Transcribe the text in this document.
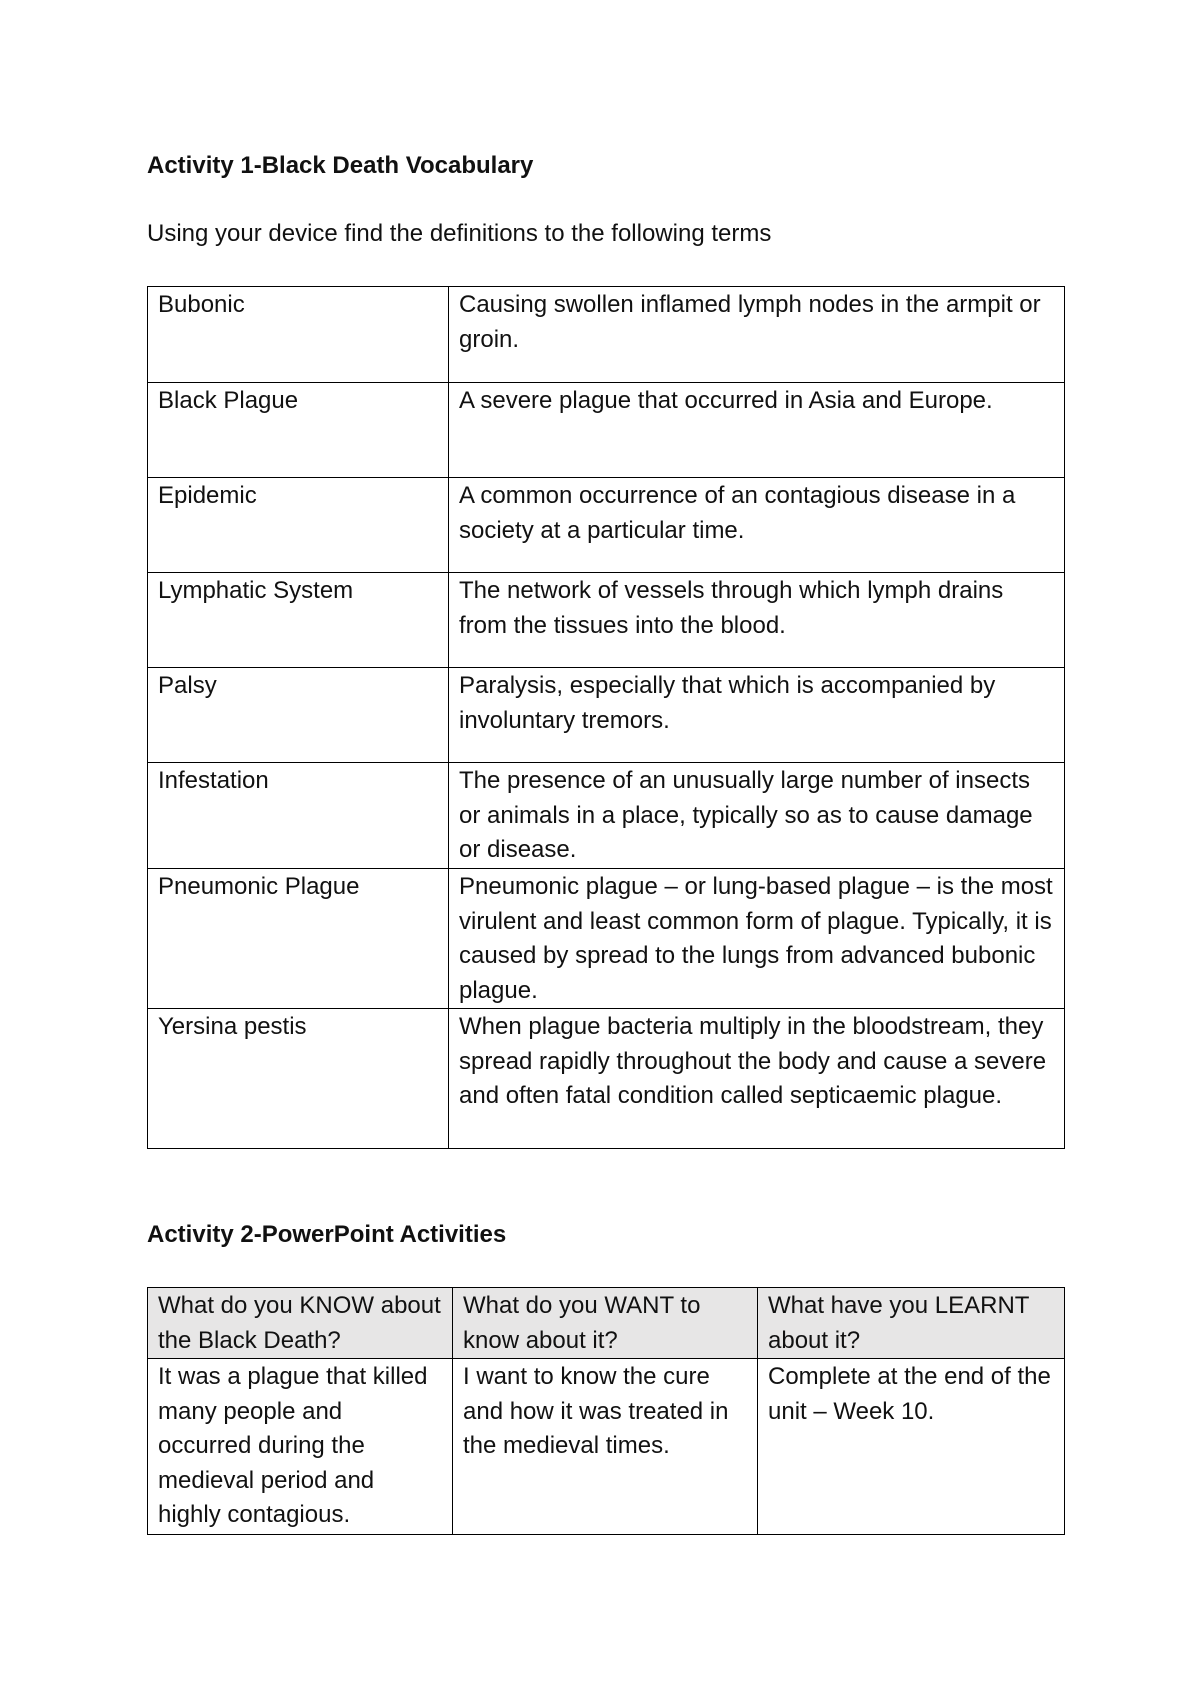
Activity 1-Black Death Vocabulary

Using your device find the definitions to the following terms

Bubonic	Causing swollen inflamed lymph nodes in the armpit or groin.
Black Plague	A severe plague that occurred in Asia and Europe.
Epidemic	A common occurrence of an contagious disease in a society at a particular time.
Lymphatic System	The network of vessels through which lymph drains from the tissues into the blood.
Palsy	Paralysis, especially that which is accompanied by involuntary tremors.
Infestation	The presence of an unusually large number of insects or animals in a place, typically so as to cause damage or disease.
Pneumonic Plague	Pneumonic plague – or lung-based plague – is the most virulent and least common form of plague. Typically, it is caused by spread to the lungs from advanced bubonic plague.
Yersina pestis	When plague bacteria multiply in the bloodstream, they spread rapidly throughout the body and cause a severe and often fatal condition called septicaemic plague.
Activity 2-PowerPoint Activities
What do you KNOW about the Black Death?	What do you WANT to know about it?	What have you LEARNT about it?
It was a plague that killed many people and occurred during the medieval period and highly contagious.	I want to know the cure and how it was treated in the medieval times.	Complete at the end of the unit – Week 10.
